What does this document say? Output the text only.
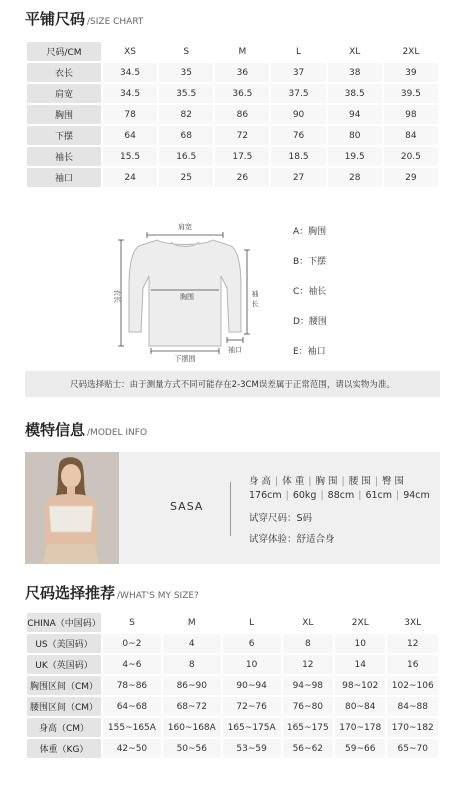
平铺尺码 /SIZE CHART
尺码/CM	XS	S	M	L	XL	2XL
衣长	34.5	35	36	37	38	39
肩宽	34.5	35.5	36.5	37.5	38.5	39.5
胸围	78	82	86	90	94	98
下摆	64	68	72	76	80	84
袖长	15.5	16.5	17.5	18.5	19.5	20.5
袖口	24	25	26	27	28	29
肩宽
衣长	胸围
下摆围
袖
长
袖口
A：胸围
B：下摆
C：袖长
D：腰围
E：袖口
尺码选择贴士：由于测量方式不同可能存在2-3CM误差属于正常范围，请以实物为准。
模特信息 /MODEL INFO
SASA
身 高 | 体 重 | 胸 围 | 腰 围 | 臀 围
176cm | 60kg | 88cm | 61cm | 94cm
试穿尺码：S码
试穿体验：舒适合身
尺码选择推荐 /WHAT'S MY SIZE?
CHINA（中国码）	S	M	L	XL	2XL	3XL
US（美国码）	0~2	4	6	8	10	12
UK（英国码）	4~6	8	10	12	14	16
胸围区间（CM）	78~86	86~90	90~94	94~98	98~102	102~106
腰围区间（CM）	64~68	68~72	72~76	76~80	80~84	84~88
身高（CM）	155~165A	160~168A	165~175A	165~175	170~178	170~182
体重（KG）	42~50	50~56	53~59	56~62	59~66	65~70
